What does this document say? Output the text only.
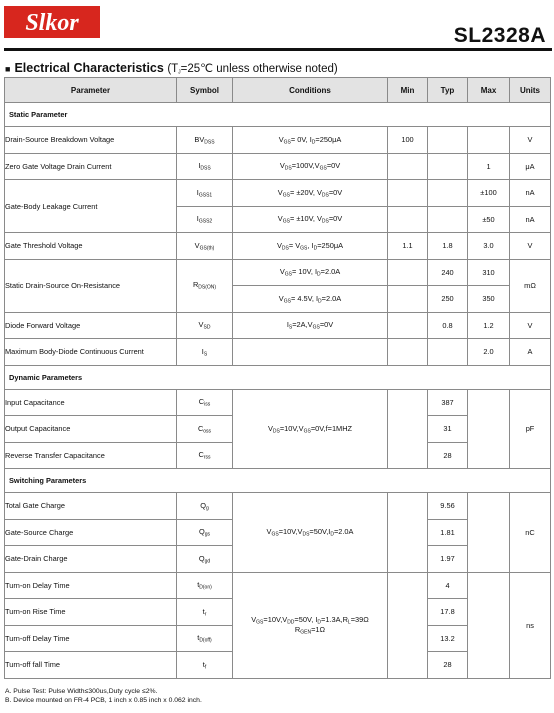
Slkor	SL2328A
■ Electrical Characteristics ($T_J=25℃$ unless otherwise noted)
Parameter	Symbol	Conditions	Min	Typ	Max	Units
Static Parameter						
Drain-Source Breakdown Voltage	$BV_{DSS}$	$V_{GS}= 0V$, $I_D=250\mu A$	100			V
Zero Gate Voltage Drain Current	$I_{DSS}$	$V_{DS}=100V,V_{GS}=0V$			1	μA
Gate-Body Leakage Current	$I_{GSS1}$	$V_{GS}= \pm 20V$, $V_{DS}=0V$			±100	nA
	$I_{GSS2}$	$V_{GS}= \pm 10V$, $V_{DS}=0V$			±50	nA
Gate Threshold Voltage	$V_{GS(th)}$	$V_{DS}= V_{GS}$, $I_D=250\mu A$	1.1	1.8	3.0	V
Static Drain-Source On-Resistance	$R_{DS(ON)}$	$V_{GS}= 10V$, $I_D=2.0A$		240	310	mΩ
		$V_{GS}= 4.5V$, $I_D=2.0A$		250	350	
Diode Forward Voltage	$V_{SD}$	$I_S=2A,V_{GS}=0V$		0.8	1.2	V
Maximum Body-Diode Continuous Current	$I_S$				2.0	A
Dynamic Parameters						
Input Capacitance	$C_{iss}$	$V_{DS}=10V,V_{GS}=0V,f=1MHZ$		387		pF
Output Capacitance	$C_{oss}$			31		
Reverse Transfer Capacitance	$C_{rss}$			28		
Switching Parameters						
Total Gate Charge	$Q_g$	$V_{GS}=10V,V_{DS}=50V,I_D=2.0A$		9.56		nC
Gate-Source Charge	$Q_{gs}$			1.81		
Gate-Drain Charge	$Q_{gd}$			1.97		
Turn-on Delay Time	$t_{D(on)}$	$V_{GS}=10V,V_{DD}=50V$, $I_D=1.3A,R_L=39\Omega$
$R_{GEN}=1\Omega$		4		ns
Turn-on Rise Time	$t_r$			17.8		
Turn-off Delay Time	$t_{D(off)}$			13.2		
Turn-off fall Time	$t_f$			28		
A. Pulse Test: Pulse Width≤300us,Duty cycle ≤2%.
B. Device mounted on FR-4 PCB, 1 inch x 0.85 inch x 0.062 inch.
